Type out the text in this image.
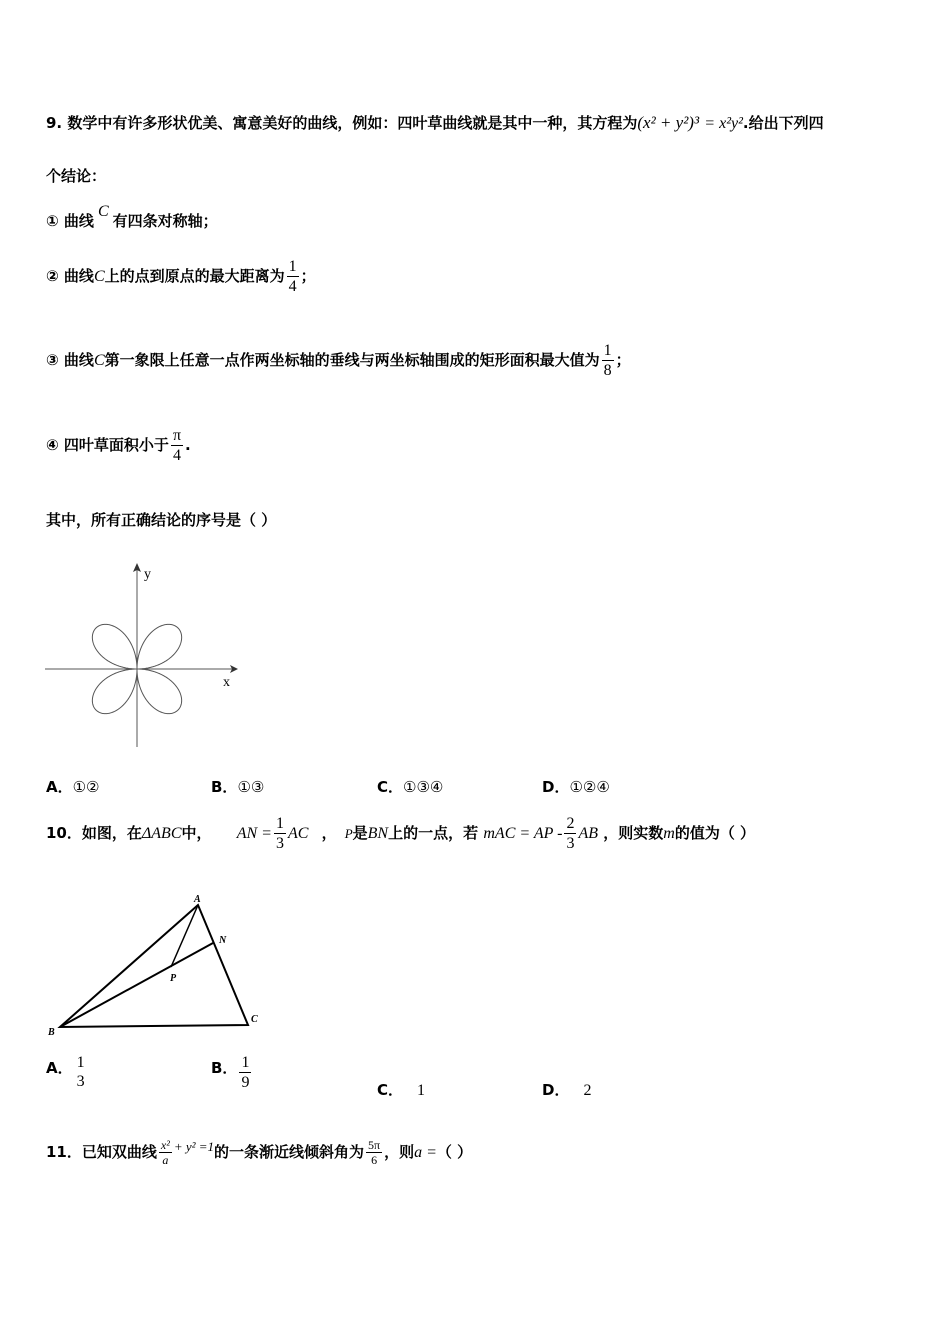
9. 数学中有许多形状优美、寓意美好的曲线，例如：四叶草曲线就是其中一种，其方程为(x² + y²)³ = x²y².给出下列四
个结论：
① 曲线C有四条对称轴；
② 曲线C上的点到原点的最大距离为 $\frac{1}{4}$ ；
③ 曲线C第一象限上任意一点作两坐标轴的垂线与两坐标轴围成的矩形面积最大值为 $\frac{1}{8}$ ；
④ 四叶草面积小于 $\frac{\pi}{4}$ .
其中，所有正确结论的序号是（ ）
y
x
A．①②	B．①③	C．①③④	D．①②④
10．如图，在ΔABC中， AN = $\frac{1}{3}$ AC ， P是BN上的一点，若 mAC = AP - $\frac{2}{3}$ AB ，则实数m的值为（ ）
A
B
C
N
P
A． 1
3
B． $\frac{1}{9}$	C． 1	D． 2
11．已知双曲线 $\frac{\text{x²}}{a} + y^2 =1$的一条渐近线倾斜角为 $\frac{5\pi}{6}$ ，则a =（ ）
